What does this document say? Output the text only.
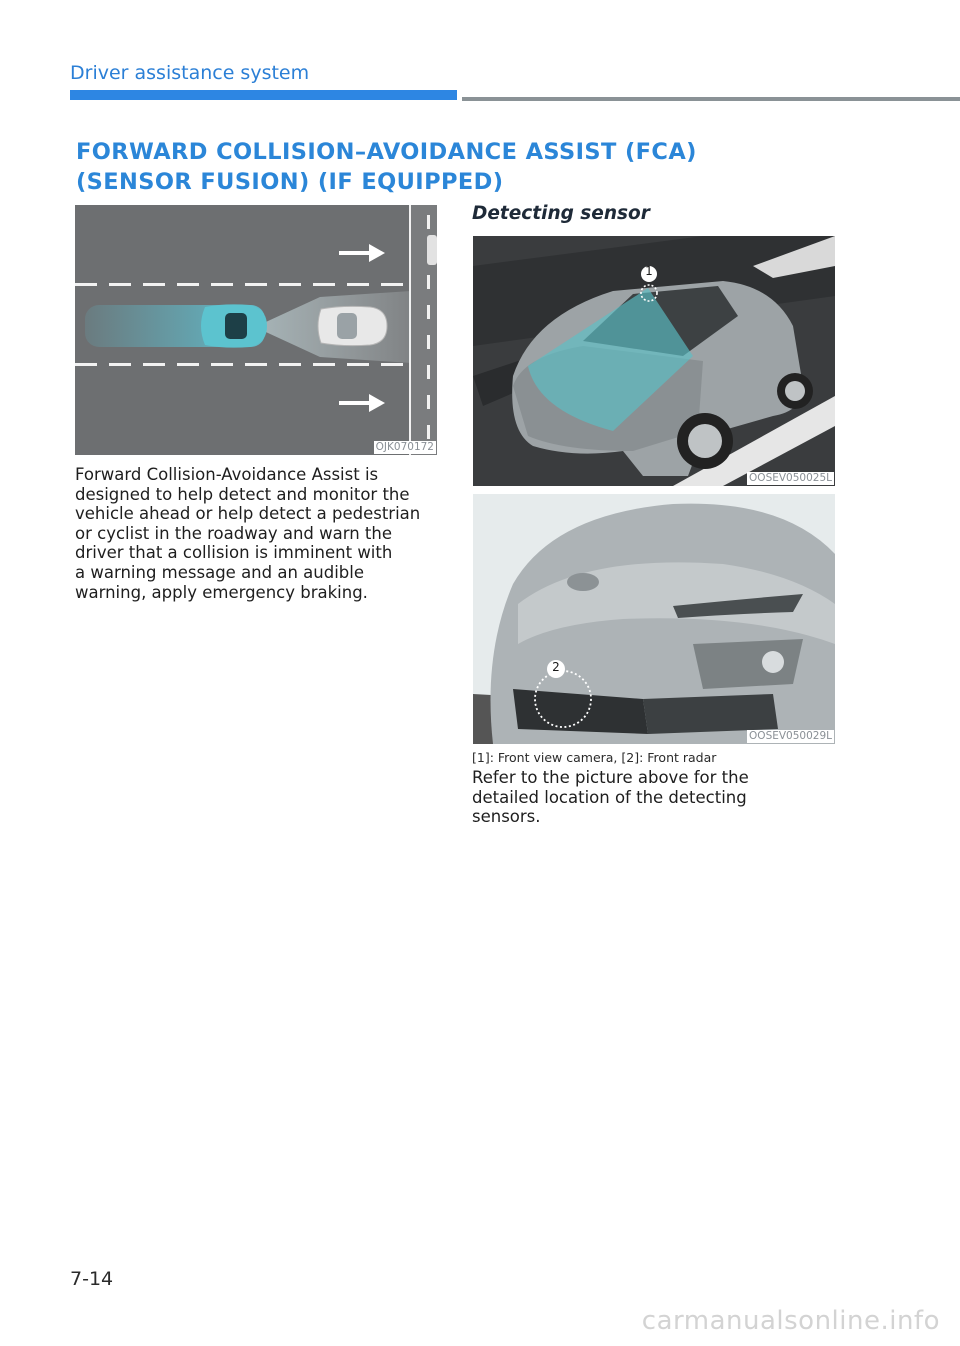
Driver assistance system
FORWARD COLLISION–AVOIDANCE ASSIST (FCA)
(SENSOR FUSION) (IF EQUIPPED)
OJK070172
Forward Collision-Avoidance Assist is
designed to help detect and monitor the
vehicle ahead or help detect a pedestrian
or cyclist in the roadway and warn the
driver that a collision is imminent with
a warning message and an audible
warning, apply emergency braking.
Detecting sensor
1
OOSEV050025L
2
OOSEV050029L
[1]: Front view camera, [2]: Front radar
Refer to the picture above for the
detailed location of the detecting
sensors.
7-14
carmanualsonline.info
